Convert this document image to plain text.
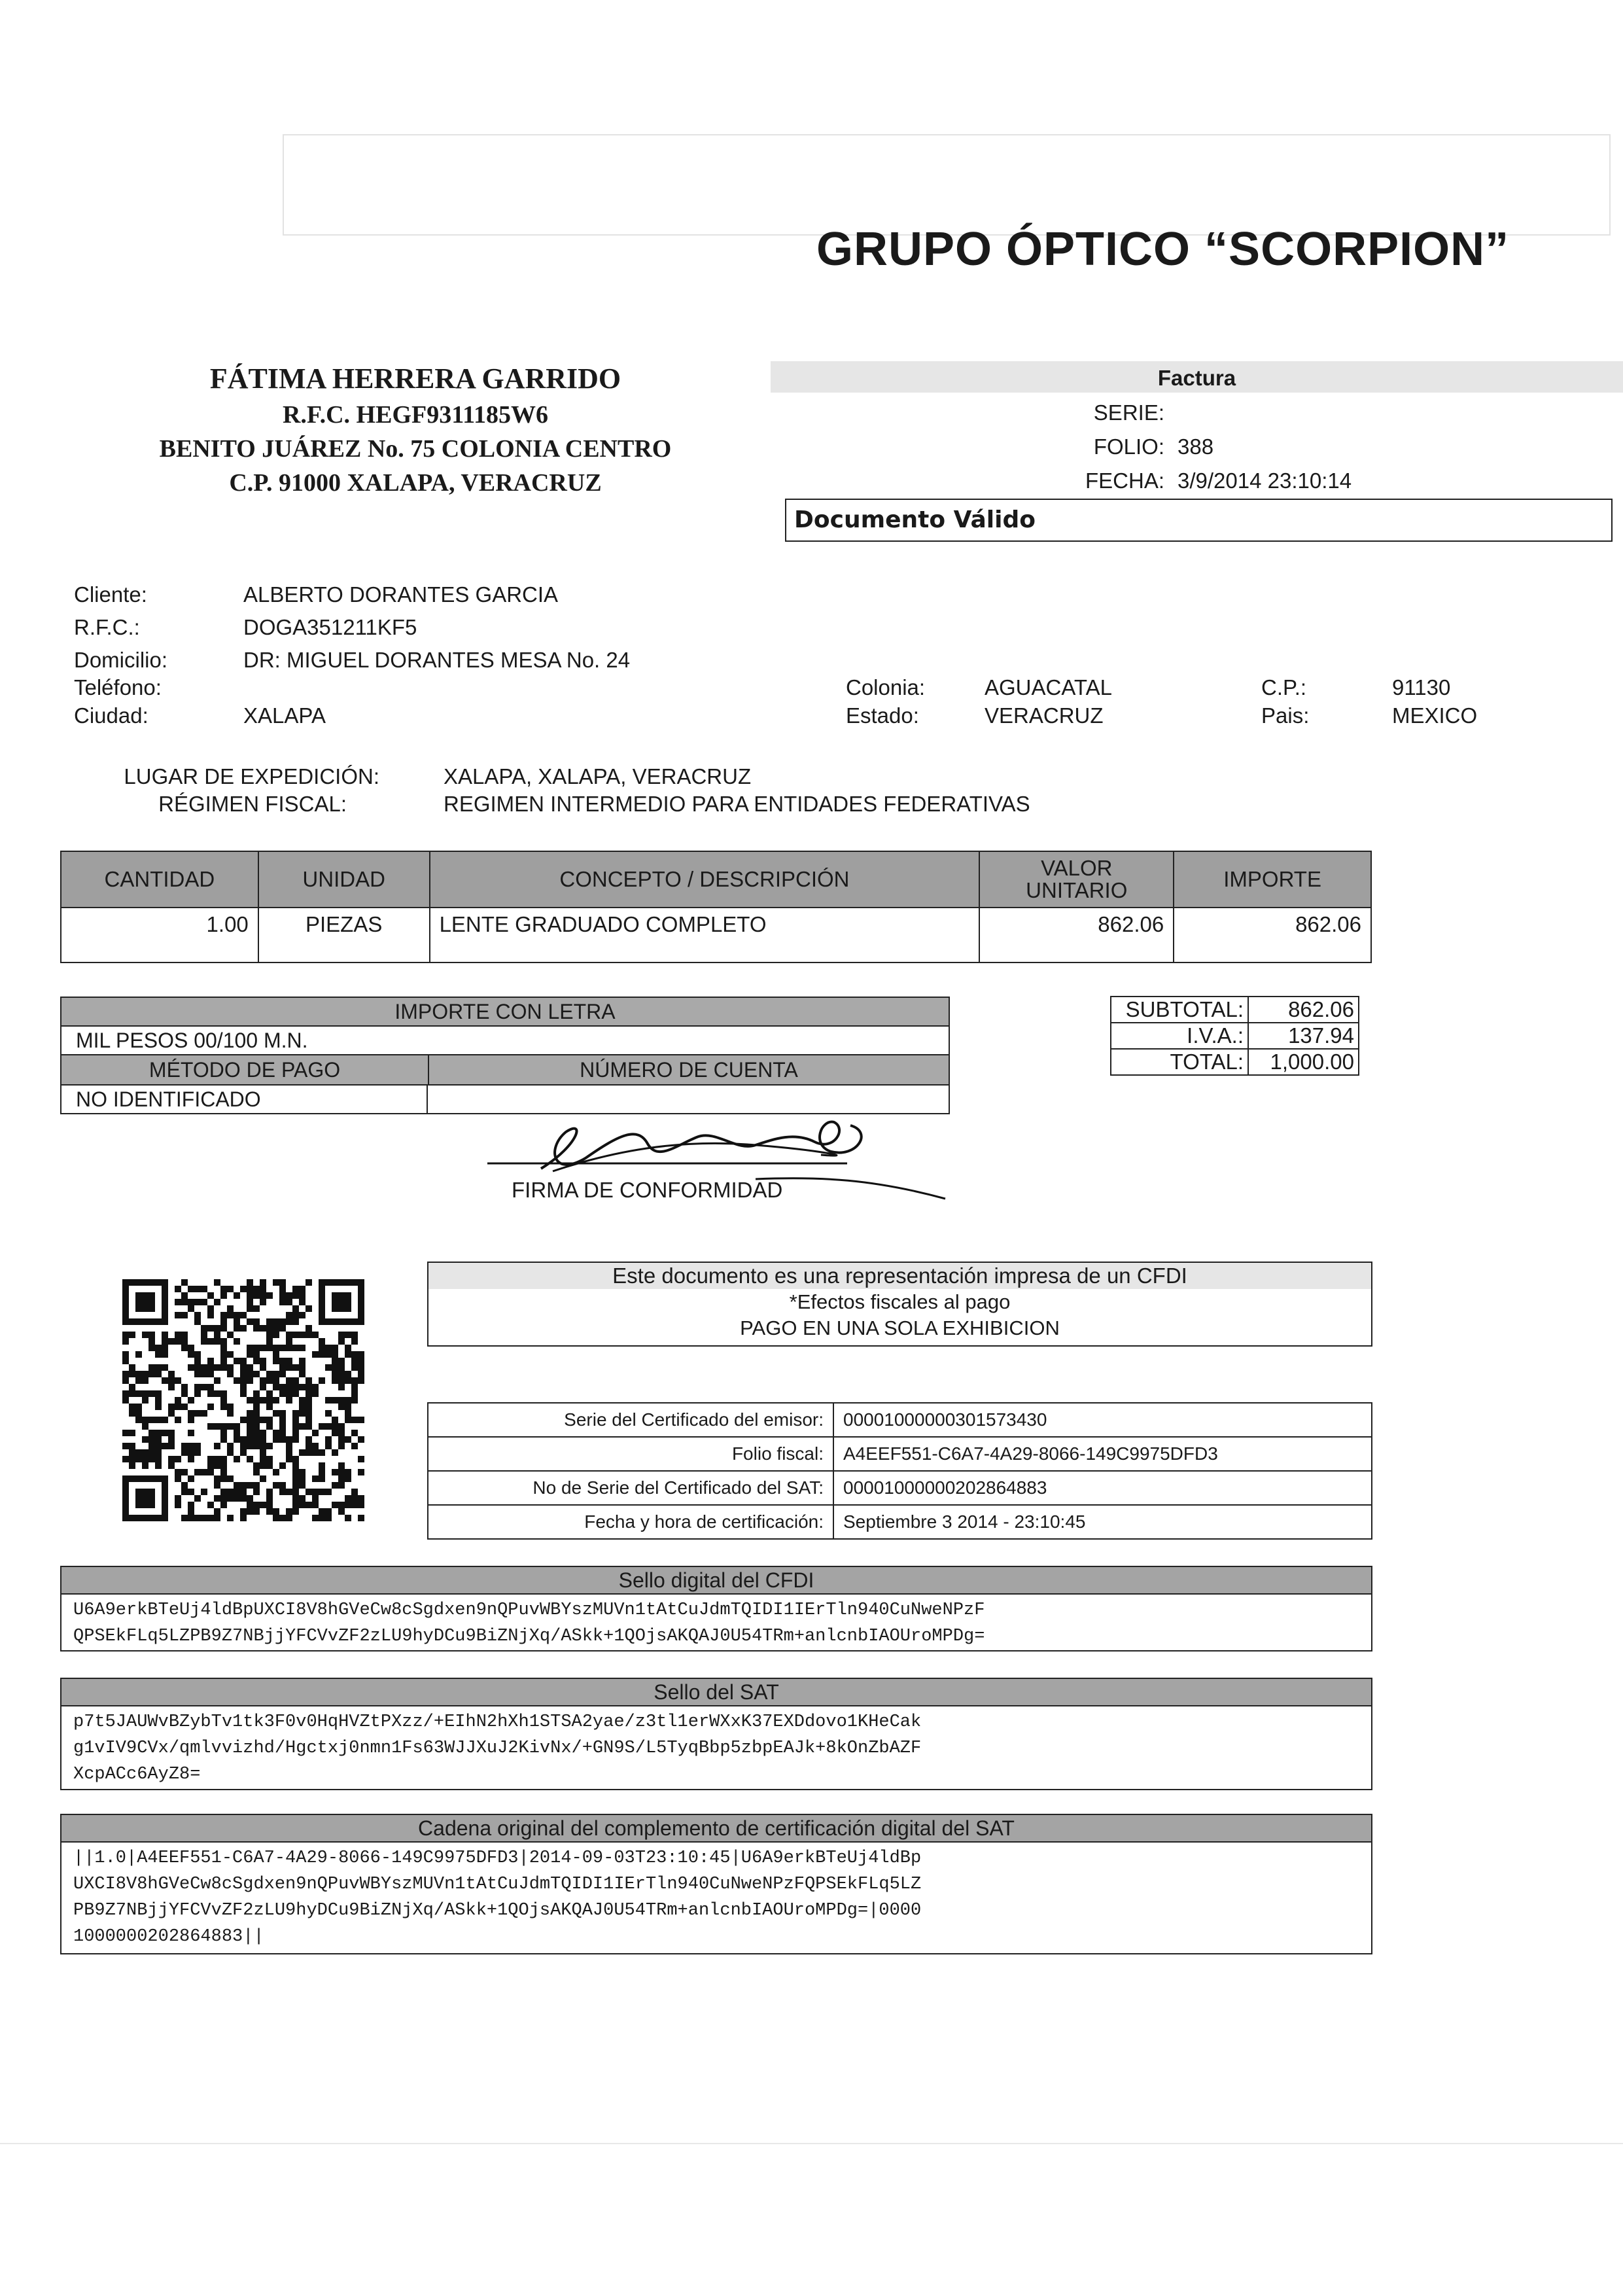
GRUPO ÓPTICO “SCORPION”
FÁTIMA HERRERA GARRIDO
R.F.C. HEGF9311185W6
BENITO JUÁREZ No. 75 COLONIA CENTRO
C.P. 91000 XALAPA, VERACRUZ
Factura
SERIE:
FOLIO: 388
FECHA: 3/9/2014 23:10:14
Documento Válido
Cliente:	ALBERTO DORANTES GARCIA
R.F.C.:	DOGA351211KF5
Domicilio:	DR: MIGUEL DORANTES MESA No. 24
Teléfono:
Ciudad:	XALAPA
Colonia:	AGUACATAL
Estado:	VERACRUZ
C.P.:	91130
Pais:	MEXICO
LUGAR DE EXPEDICIÓN:	XALAPA, XALAPA, VERACRUZ
RÉGIMEN FISCAL:	REGIMEN INTERMEDIO PARA ENTIDADES FEDERATIVAS
CANTIDAD	UNIDAD	CONCEPTO / DESCRIPCIÓN	VALOR UNITARIO	IMPORTE
1.00	PIEZAS	LENTE GRADUADO COMPLETO	862.06	862.06
IMPORTE CON LETRA
MIL PESOS 00/100 M.N.
MÉTODO DE PAGO	NÚMERO DE CUENTA
NO IDENTIFICADO
SUBTOTAL:	862.06
I.V.A.:	137.94
TOTAL:	1,000.00
FIRMA DE CONFORMIDAD
Este documento es una representación impresa de un CFDI
*Efectos fiscales al pago
PAGO EN UNA SOLA EXHIBICION
Serie del Certificado del emisor:	00001000000301573430
Folio fiscal:	A4EEF551-C6A7-4A29-8066-149C9975DFD3
No de Serie del Certificado del SAT:	00001000000202864883
Fecha y hora de certificación:	Septiembre 3 2014 - 23:10:45
Sello digital del CFDI
U6A9erkBTeUj4ldBpUXCI8V8hGVeCw8cSgdxen9nQPuvWBYszMUVn1tAtCuJdmTQIDI1IErTln940CuNweNPzF
QPSEkFLq5LZPB9Z7NBjjYFCVvZF2zLU9hyDCu9BiZNjXq/ASkk+1QOjsAKQAJ0U54TRm+anlcnbIAOUroMPDg=
Sello del SAT
p7t5JAUWvBZybTv1tk3F0v0HqHVZtPXzz/+EIhN2hXh1STSA2yae/z3tl1erWXxK37EXDdovo1KHeCak
g1vIV9CVx/qmlvvizhd/Hgctxj0nmn1Fs63WJJXuJ2KivNx/+GN9S/L5TyqBbp5zbpEAJk+8kOnZbAZF
XcpACc6AyZ8=
Cadena original del complemento de certificación digital del SAT
||1.0|A4EEF551-C6A7-4A29-8066-149C9975DFD3|2014-09-03T23:10:45|U6A9erkBTeUj4ldBp
UXCI8V8hGVeCw8cSgdxen9nQPuvWBYszMUVn1tAtCuJdmTQIDI1IErTln940CuNweNPzFQPSEkFLq5LZ
PB9Z7NBjjYFCVvZF2zLU9hyDCu9BiZNjXq/ASkk+1QOjsAKQAJ0U54TRm+anlcnbIAOUroMPDg=|0000
1000000202864883||
